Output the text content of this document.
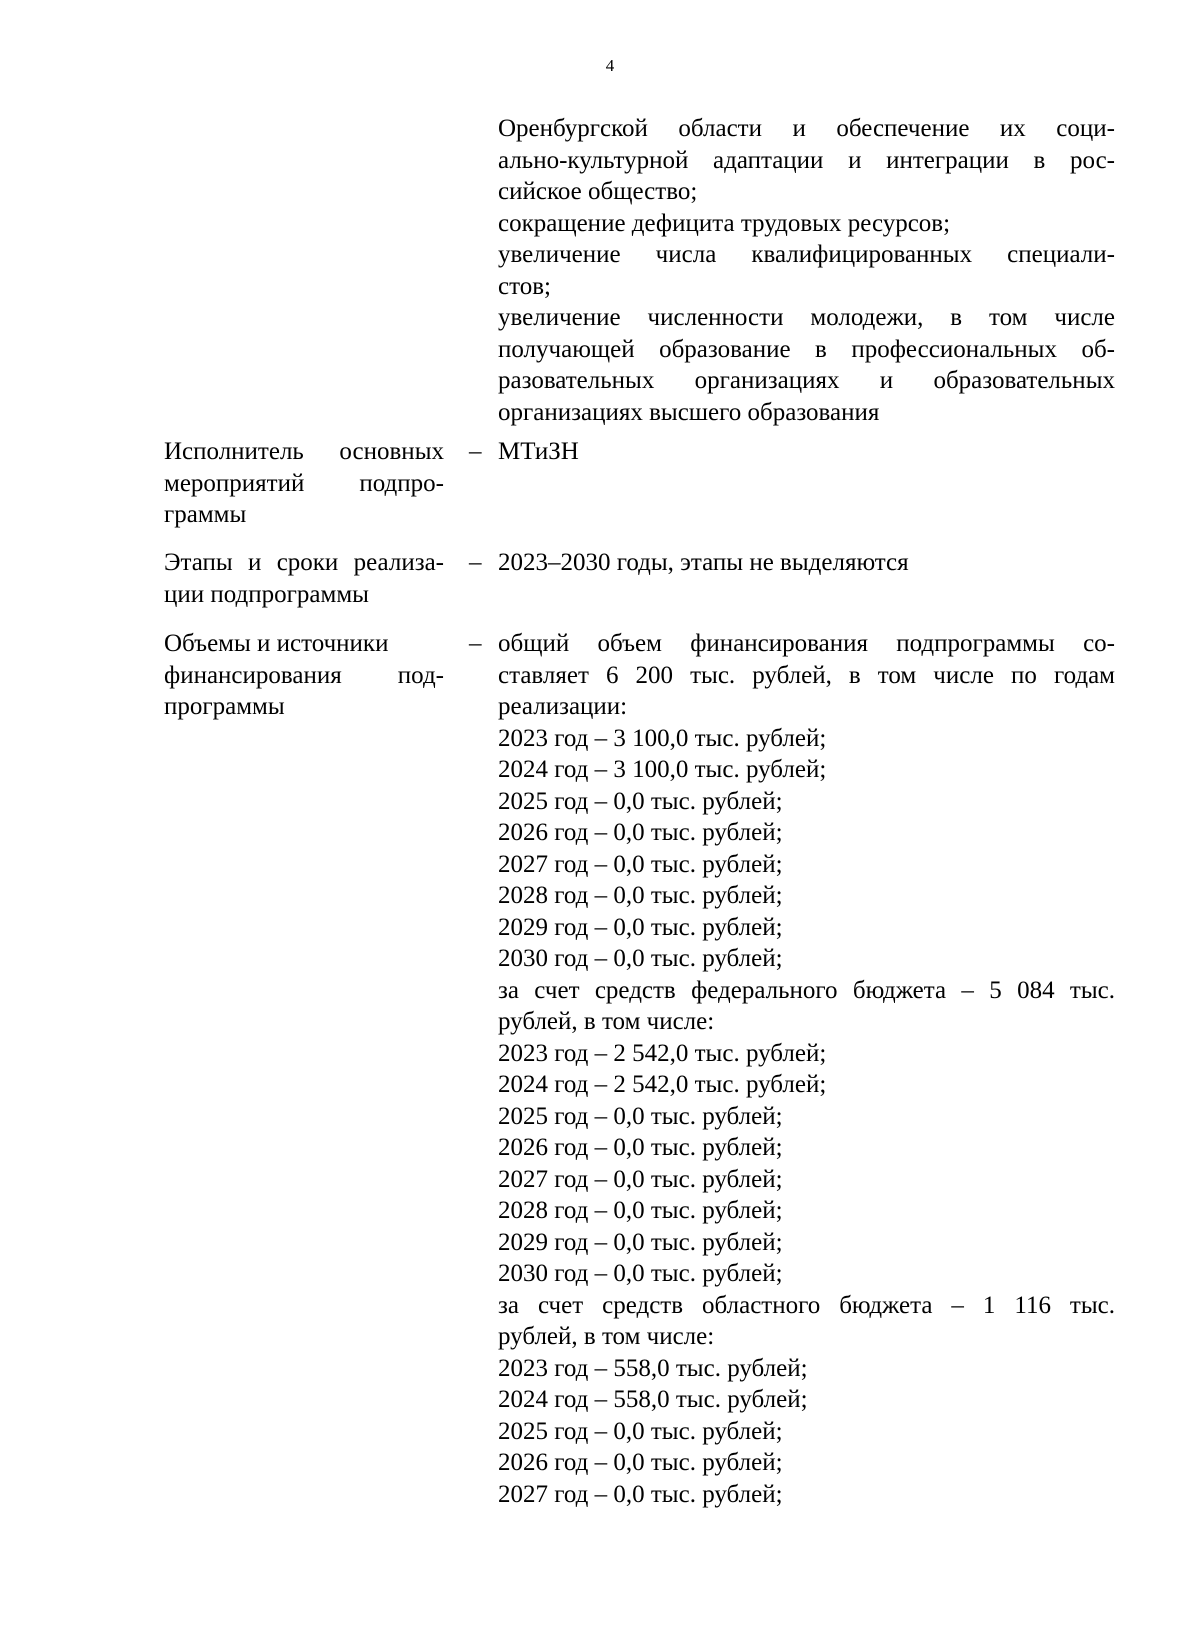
4
Оренбургской области и обеспечение их соци-
ально-культурной адаптации и интеграции в рос-
сийское общество;
сокращение дефицита трудовых ресурсов;
увеличение числа квалифицированных специали-
стов;
увеличение численности молодежи, в том числе
получающей образование в профессиональных об-
разовательных организациях и образовательных
организациях высшего образования
Исполнитель основных
мероприятий подпро-
граммы
– МТиЗН
Этапы и сроки реализа-
ции подпрограммы
– 2023–2030 годы, этапы не выделяются
Объемы и источники
финансирования под-
программы
– общий объем финансирования подпрограммы со-
ставляет 6 200 тыс. рублей, в том числе по годам
реализации:
2023 год – 3 100,0 тыс. рублей;
2024 год – 3 100,0 тыс. рублей;
2025 год – 0,0 тыс. рублей;
2026 год – 0,0 тыс. рублей;
2027 год – 0,0 тыс. рублей;
2028 год – 0,0 тыс. рублей;
2029 год – 0,0 тыс. рублей;
2030 год – 0,0 тыс. рублей;
за счет средств федерального бюджета – 5 084 тыс.
рублей, в том числе:
2023 год – 2 542,0 тыс. рублей;
2024 год – 2 542,0 тыс. рублей;
2025 год – 0,0 тыс. рублей;
2026 год – 0,0 тыс. рублей;
2027 год – 0,0 тыс. рублей;
2028 год – 0,0 тыс. рублей;
2029 год – 0,0 тыс. рублей;
2030 год – 0,0 тыс. рублей;
за счет средств областного бюджета – 1 116 тыс.
рублей, в том числе:
2023 год – 558,0 тыс. рублей;
2024 год – 558,0 тыс. рублей;
2025 год – 0,0 тыс. рублей;
2026 год – 0,0 тыс. рублей;
2027 год – 0,0 тыс. рублей;
